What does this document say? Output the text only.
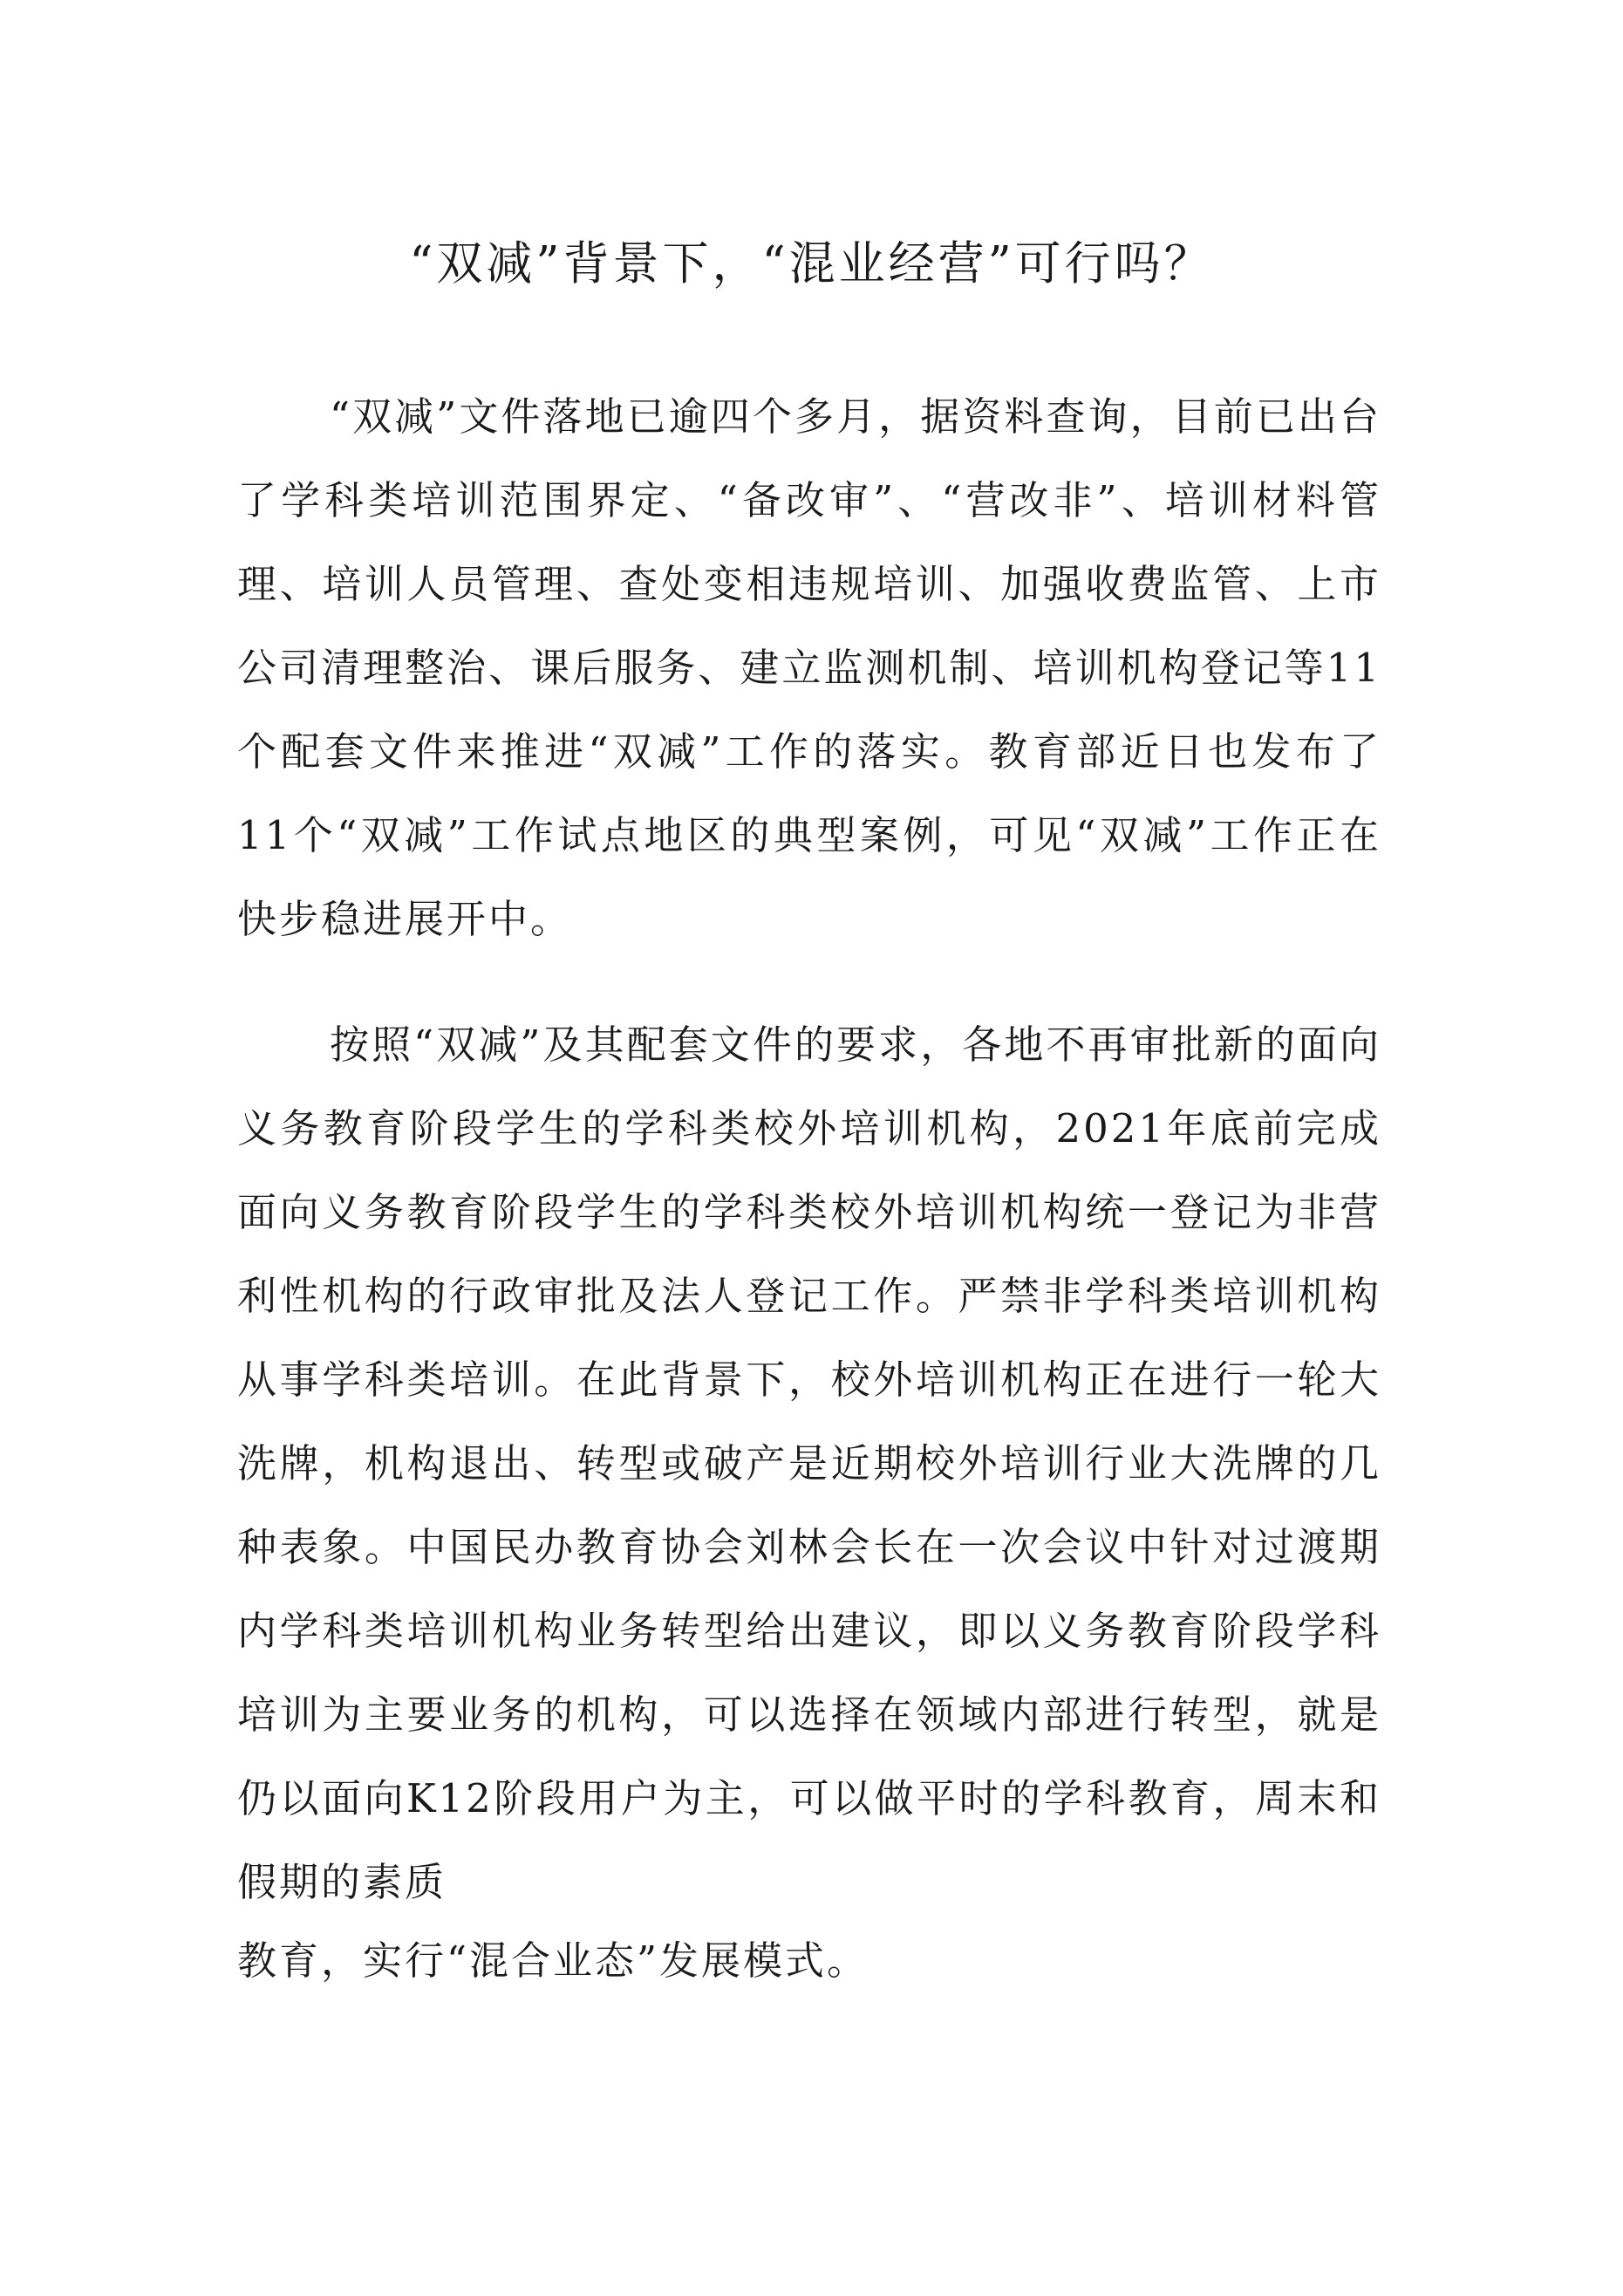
“双减”背景下，“混业经营”可行吗？

“双减”文件落地已逾四个多月，据资料查询，目前已出台了学科类培训范围界定、“备改审”、“营改非”、培训材料管理、培训人员管理、查处变相违规培训、加强收费监管、上市公司清理整治、课后服务、建立监测机制、培训机构登记等11个配套文件来推进“双减”工作的落实。教育部近日也发布了 11个“双减”工作试点地区的典型案例，可见“双减”工作正在快步稳进展开中。

按照“双减”及其配套文件的要求，各地不再审批新的面向义务教育阶段学生的学科类校外培训机构，2021年底前完成面向义务教育阶段学生的学科类校外培训机构统一登记为非营利性机构的行政审批及法人登记工作。严禁非学科类培训机构从事学科类培训。在此背景下，校外培训机构正在进行一轮大洗牌，机构退出、转型或破产是近期校外培训行业大洗牌的几种表象。中国民办教育协会刘林会长在一次会议中针对过渡期内学科类培训机构业务转型给出建议，即以义务教育阶段学科培训为主要业务的机构，可以选择在领域内部进行转型，就是仍以面向K12阶段用户为主，可以做平时的学科教育，周末和假期的素质

教育，实行“混合业态”发展模式。
